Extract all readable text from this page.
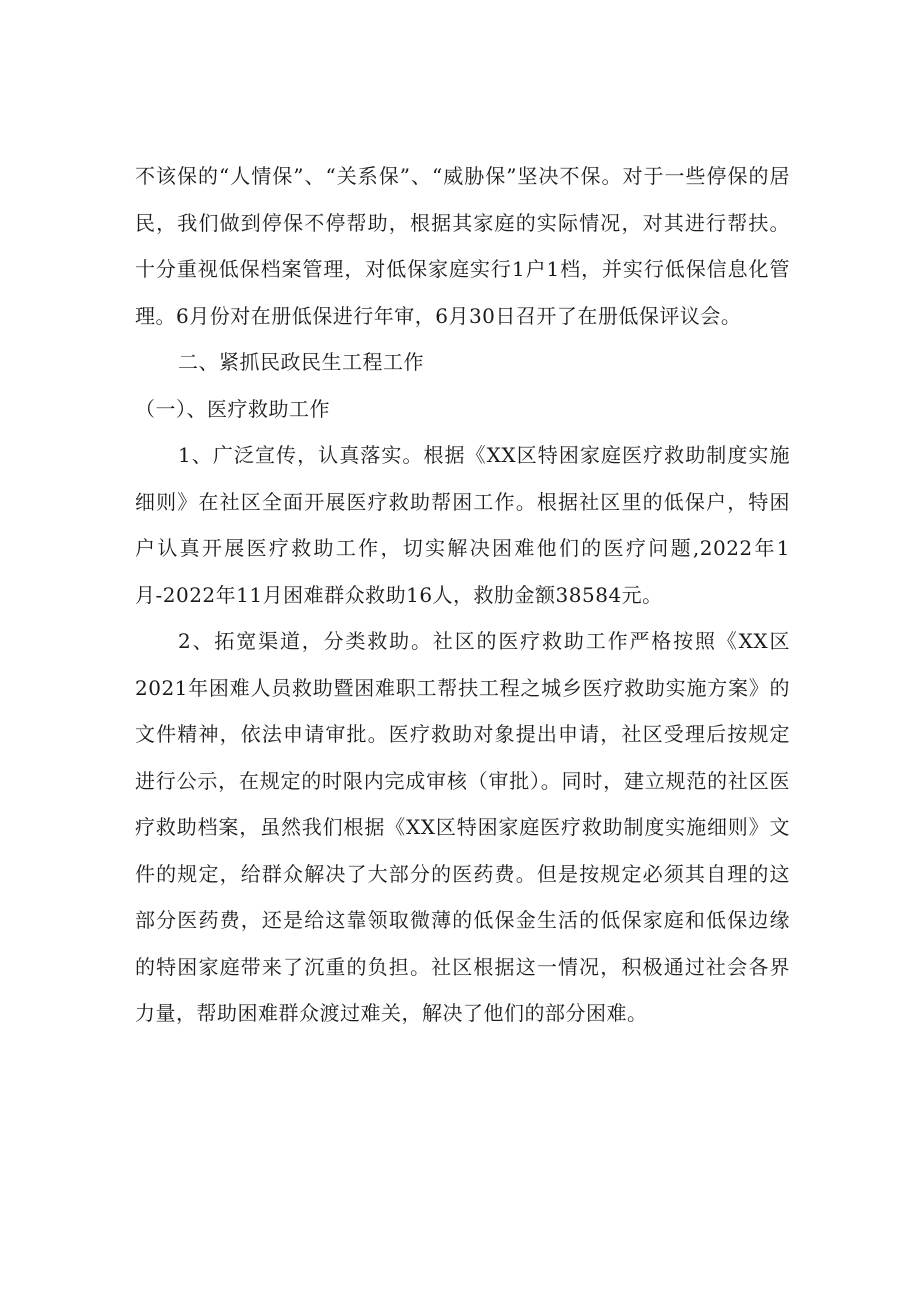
不该保的“人情保”、“关系保”、“威胁保”坚决不保。对于一些停保的居民，我们做到停保不停帮助，根据其家庭的实际情况，对其进行帮扶。十分重视低保档案管理，对低保家庭实行1户1档，并实行低保信息化管理。6月份对在册低保进行年审，6月30日召开了在册低保评议会。

二、紧抓民政民生工程工作

（一）、医疗救助工作

1、广泛宣传，认真落实。根据《XX区特困家庭医疗救助制度实施细则》在社区全面开展医疗救助帮困工作。根据社区里的低保户，特困户认真开展医疗救助工作，切实解决困难他们的医疗问题,2022年1月-2022年11月困难群众救助16人，救肋金额38584元。

2、拓宽渠道，分类救助。社区的医疗救助工作严格按照《XX区2021年困难人员救助暨困难职工帮扶工程之城乡医疗救助实施方案》的文件精神，依法申请审批。医疗救助对象提出申请，社区受理后按规定进行公示，在规定的时限内完成审核（审批）。同时，建立规范的社区医疗救助档案，虽然我们根据《XX区特困家庭医疗救助制度实施细则》文件的规定，给群众解决了大部分的医药费。但是按规定必须其自理的这部分医药费，还是给这靠领取微薄的低保金生活的低保家庭和低保边缘的特困家庭带来了沉重的负担。社区根据这一情况，积极通过社会各界力量，帮助困难群众渡过难关，解决了他们的部分困难。
